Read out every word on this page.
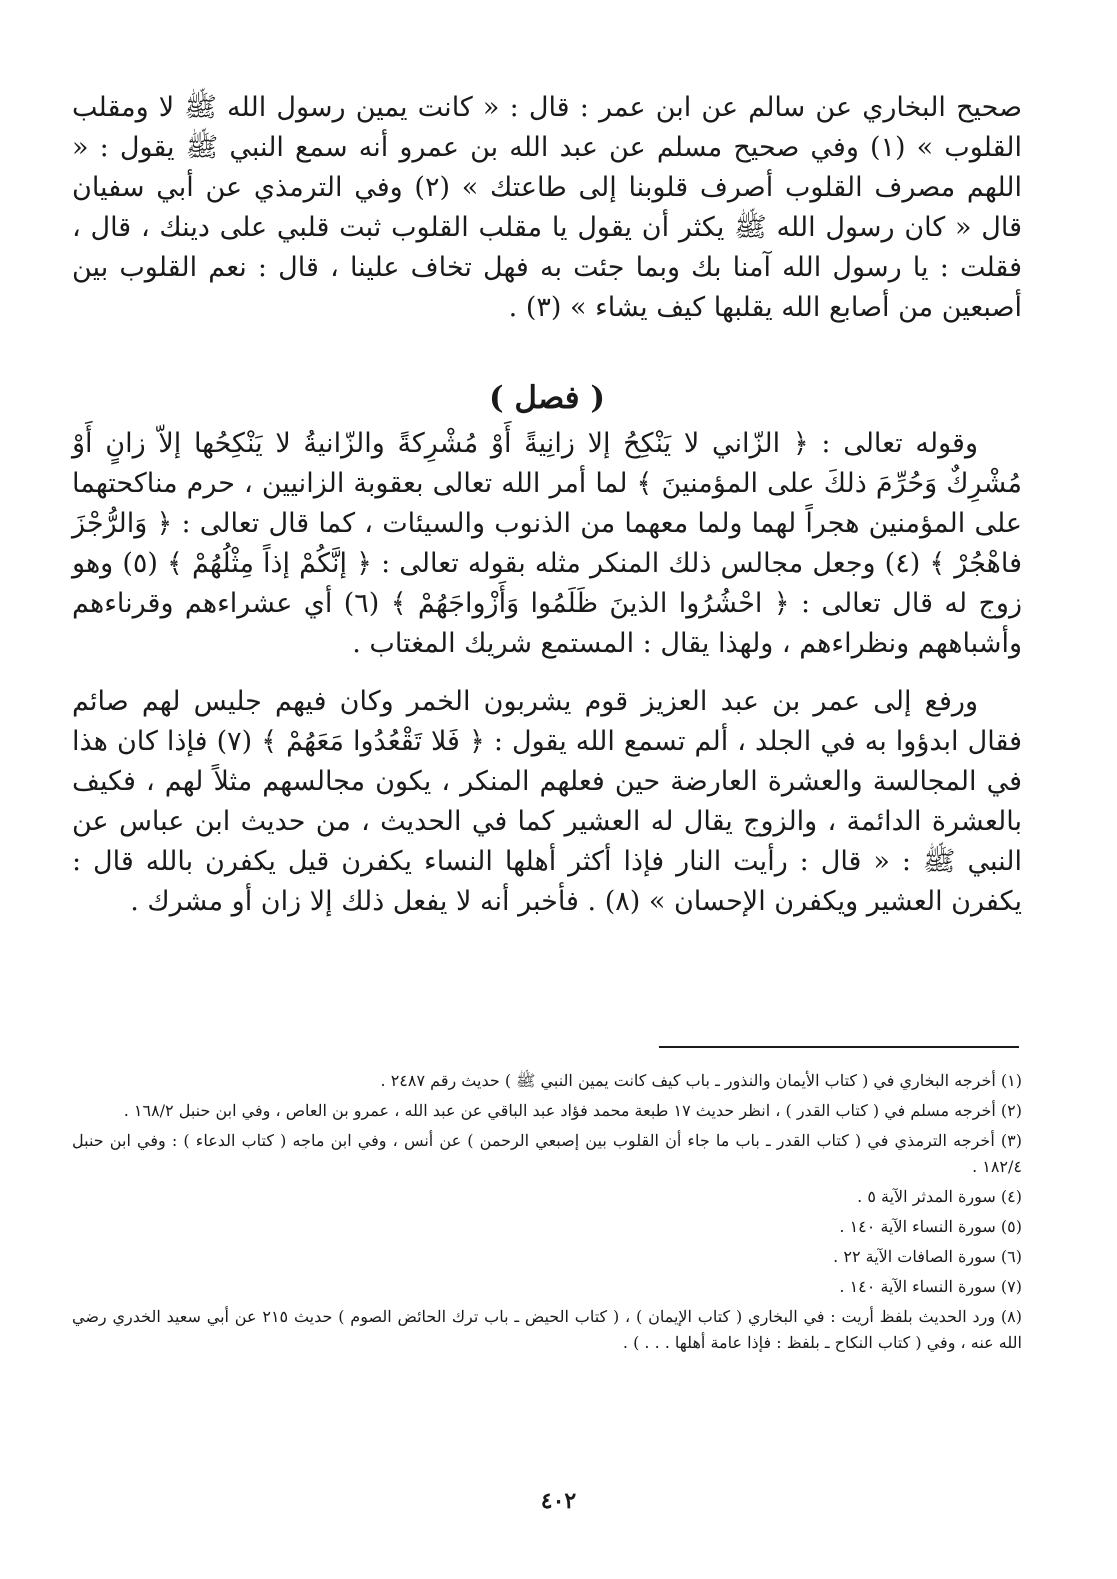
صحيح البخاري عن سالم عن ابن عمر : قال : « كانت يمين رسول الله ﷺ لا ومقلب القلوب » (١) وفي صحيح مسلم عن عبد الله بن عمرو أنه سمع النبي ﷺ يقول : « اللهم مصرف القلوب أصرف قلوبنا إلى طاعتك » (٢) وفي الترمذي عن أبي سفيان قال « كان رسول الله ﷺ يكثر أن يقول يا مقلب القلوب ثبت قلبي على دينك ، قال ، فقلت : يا رسول الله آمنا بك وبما جئت به فهل تخاف علينا ، قال : نعم القلوب بين أصبعين من أصابع الله يقلبها كيف يشاء » (٣) .

( فصل )

وقوله تعالى : ﴿ الزّاني لا يَنْكِحُ إلا زانِيةً أَوْ مُشْرِكةً والزّانيةُ لا يَنْكِحُها إلاّ زانٍ أَوْ مُشْرِكٌ وَحُرِّمَ ذلكَ على المؤمنينَ ﴾ لما أمر الله تعالى بعقوبة الزانيين ، حرم مناكحتهما على المؤمنين هجراً لهما ولما معهما من الذنوب والسيئات ، كما قال تعالى : ﴿ وَالرُّجْزَ فاهْجُرْ ﴾ (٤) وجعل مجالس ذلك المنكر مثله بقوله تعالى : ﴿ إنَّكُمْ إذاً مِثْلُهُمْ ﴾ (٥) وهو زوج له قال تعالى : ﴿ احْشُرُوا الذينَ ظَلَمُوا وَأَزْواجَهُمْ ﴾ (٦) أي عشراءهم وقرناءهم وأشباههم ونظراءهم ، ولهذا يقال : المستمع شريك المغتاب .

ورفع إلى عمر بن عبد العزيز قوم يشربون الخمر وكان فيهم جليس لهم صائم فقال ابدؤوا به في الجلد ، ألم تسمع الله يقول : ﴿ فَلا تَقْعُدُوا مَعَهُمْ ﴾ (٧) فإذا كان هذا في المجالسة والعشرة العارضة حين فعلهم المنكر ، يكون مجالسهم مثلاً لهم ، فكيف بالعشرة الدائمة ، والزوج يقال له العشير كما في الحديث ، من حديث ابن عباس عن النبي ﷺ : « قال : رأيت النار فإذا أكثر أهلها النساء يكفرن قيل يكفرن بالله قال : يكفرن العشير ويكفرن الإحسان » (٨) . فأخبر أنه لا يفعل ذلك إلا زان أو مشرك .

(١) أخرجه البخاري في ( كتاب الأيمان والنذور ـ باب كيف كانت يمين النبي ﷺ ) حديث رقم ٢٤٨٧ .

(٢) أخرجه مسلم في ( كتاب القدر ) ، انظر حديث ١٧ طبعة محمد فؤاد عبد الباقي عن عبد الله ، عمرو بن العاص ، وفي ابن حنبل ١٦٨/٢ .

(٣) أخرجه الترمذي في ( كتاب القدر ـ باب ما جاء أن القلوب بين إصبعي الرحمن ) عن أنس ، وفي ابن ماجه ( كتاب الدعاء ) : وفي ابن حنبل ١٨٢/٤ .

(٤) سورة المدثر الآية ٥ .

(٥) سورة النساء الآية ١٤٠ .

(٦) سورة الصافات الآية ٢٢ .

(٧) سورة النساء الآية ١٤٠ .

(٨) ورد الحديث بلفظ أريت : في البخاري ( كتاب الإيمان ) ، ( كتاب الحيض ـ باب ترك الحائض الصوم ) حديث ٢١٥ عن أبي سعيد الخدري رضي الله عنه ، وفي ( كتاب النكاح ـ بلفظ : فإذا عامة أهلها . . . ) .

٤٠٢
